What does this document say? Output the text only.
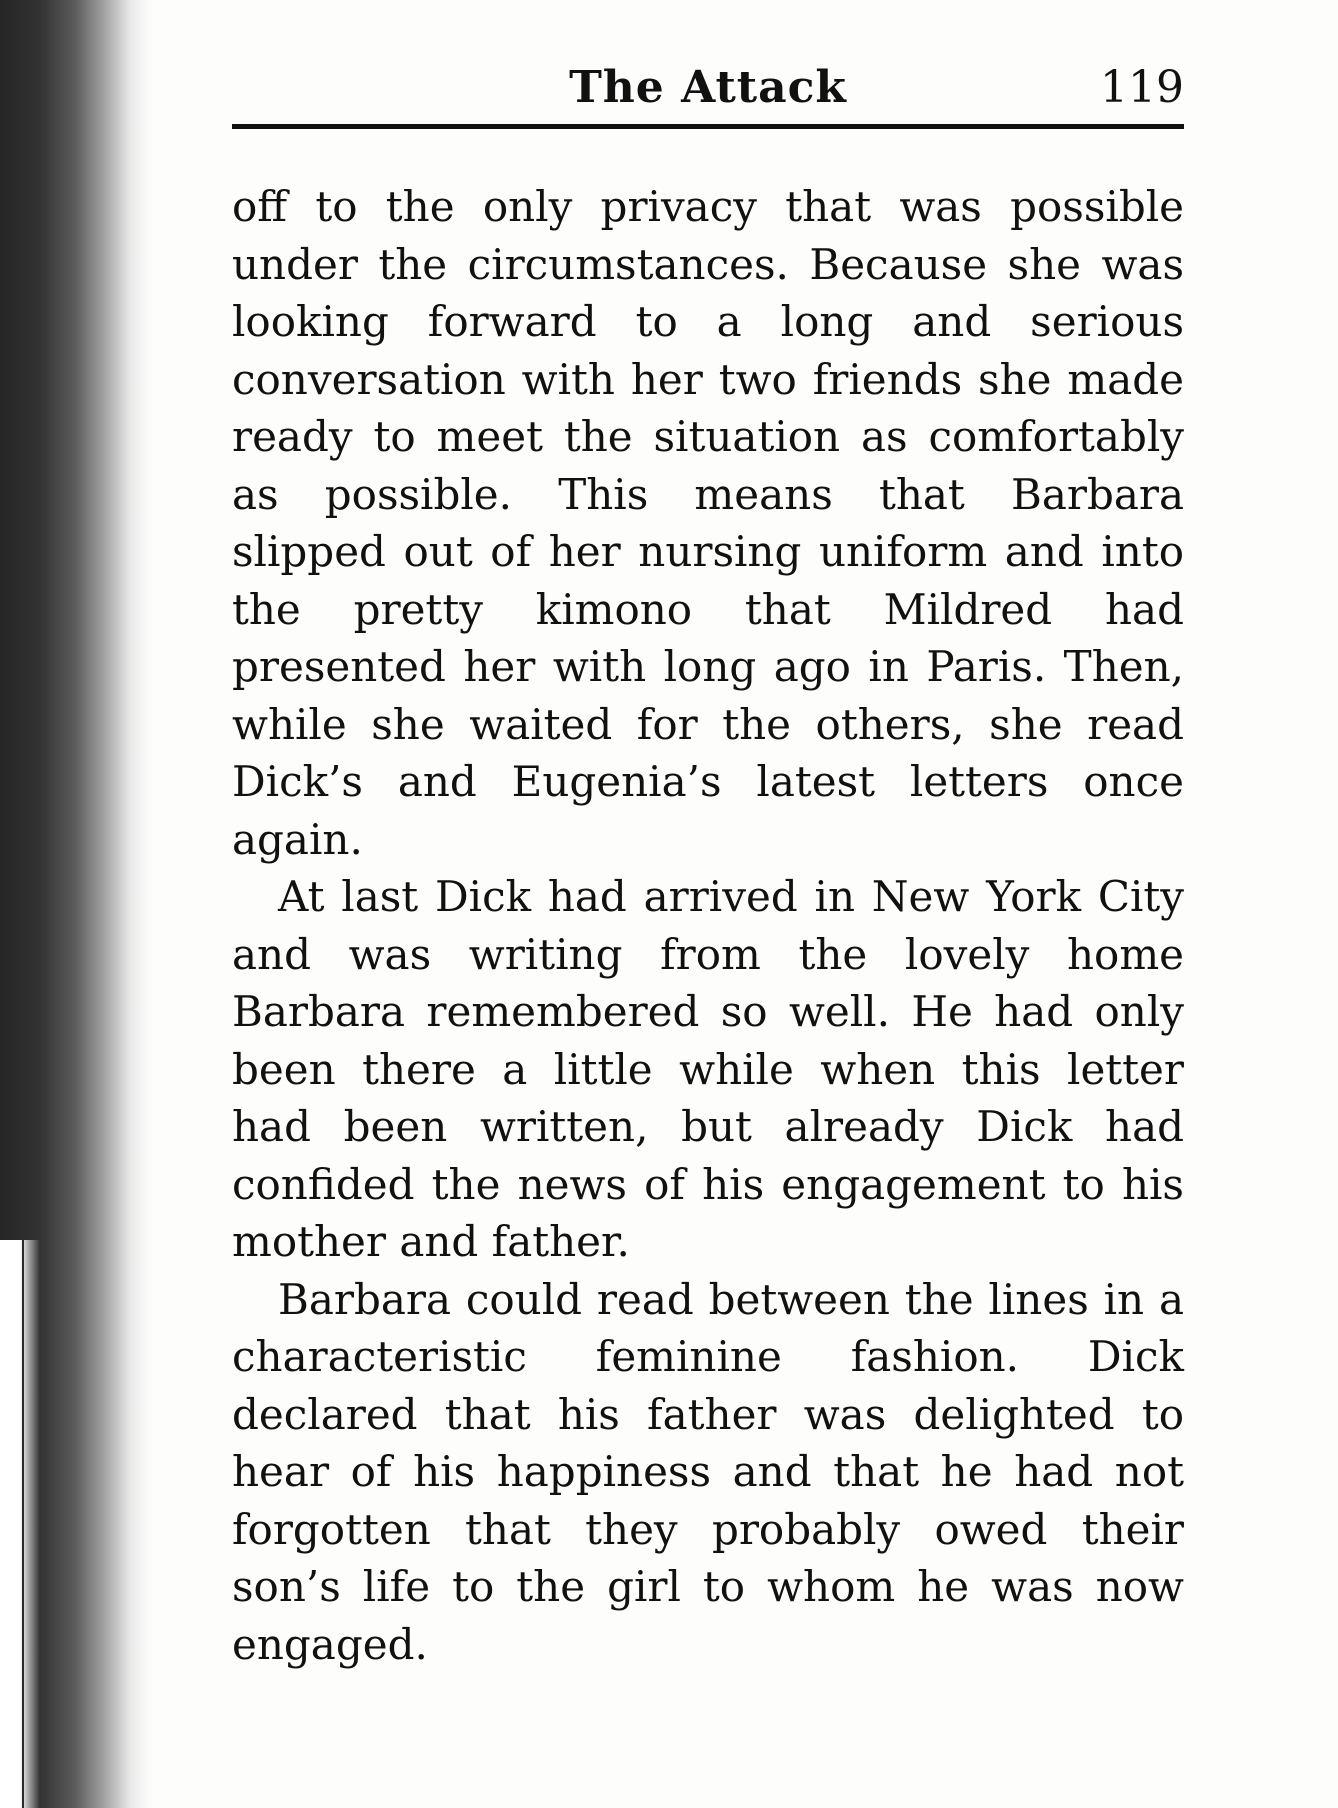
The Attack	119

off to the only privacy that was possible under the circumstances. Because she was looking forward to a long and serious conversation with her two friends she made ready to meet the situation as comfortably as possible. This means that Barbara slipped out of her nursing uniform and into the pretty kimono that Mildred had presented her with long ago in Paris. Then, while she waited for the others, she read Dick’s and Eugenia’s latest letters once again.

At last Dick had arrived in New York City and was writing from the lovely home Barbara remembered so well. He had only been there a little while when this letter had been written, but already Dick had confided the news of his engagement to his mother and father.

Barbara could read between the lines in a characteristic feminine fashion. Dick declared that his father was delighted to hear of his happiness and that he had not forgotten that they probably owed their son’s life to the girl to whom he was now engaged.
